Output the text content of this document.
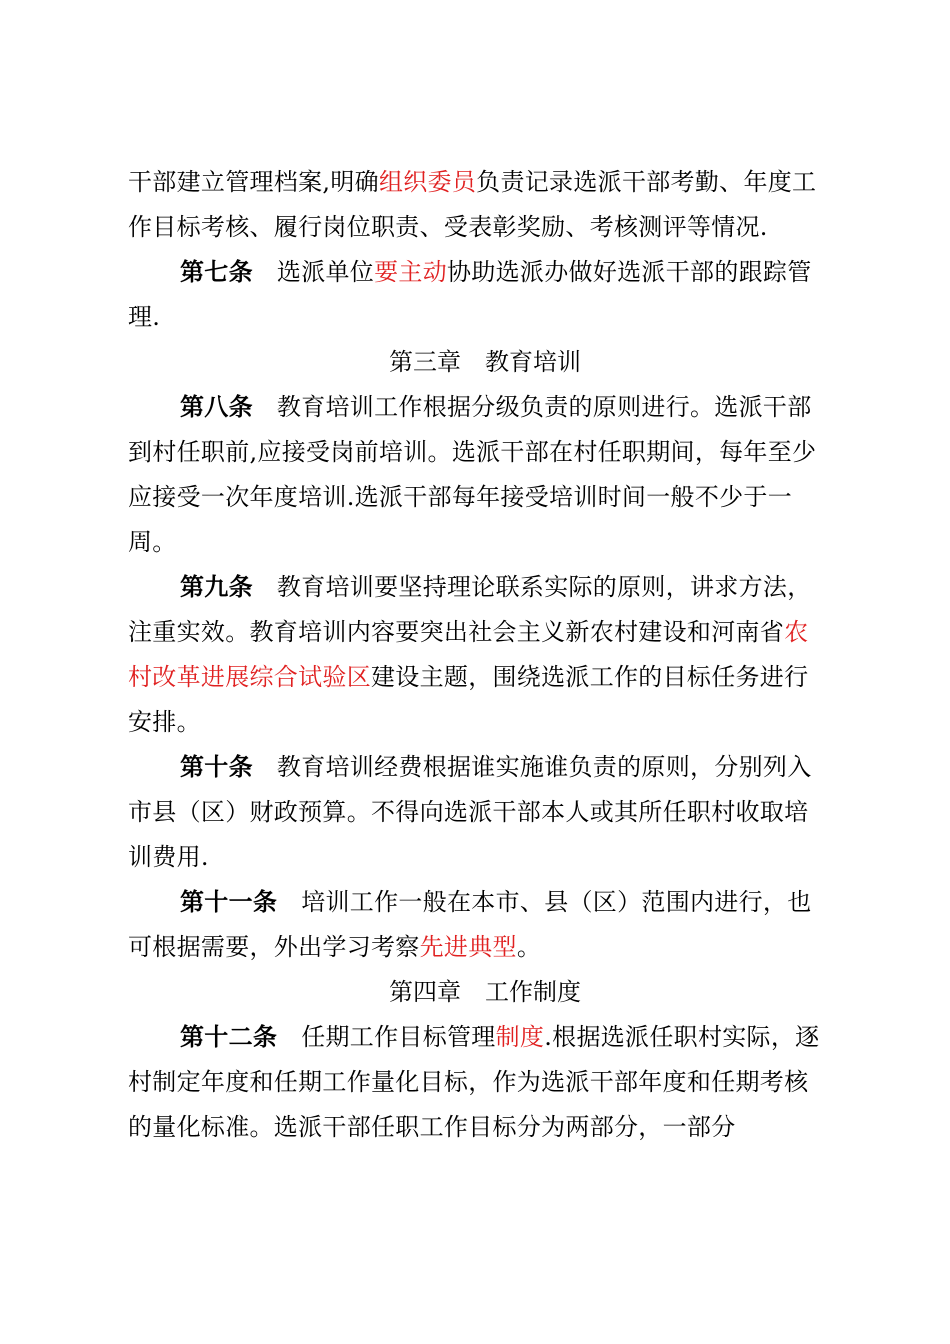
干部建立管理档案,明确组织委员负责记录选派干部考勤、年度工作目标考核、履行岗位职责、受表彰奖励、考核测评等情况.

第七条 选派单位要主动协助选派办做好选派干部的跟踪管理.

第三章 教育培训

第八条 教育培训工作根据分级负责的原则进行。选派干部到村任职前,应接受岗前培训。选派干部在村任职期间，每年至少应接受一次年度培训.选派干部每年接受培训时间一般不少于一周。

第九条 教育培训要坚持理论联系实际的原则，讲求方法，注重实效。教育培训内容要突出社会主义新农村建设和河南省农村改革进展综合试验区建设主题，围绕选派工作的目标任务进行安排。

第十条 教育培训经费根据谁实施谁负责的原则，分别列入市县（区）财政预算。不得向选派干部本人或其所任职村收取培训费用.

第十一条 培训工作一般在本市、县（区）范围内进行，也可根据需要，外出学习考察先进典型。

第四章 工作制度

第十二条 任期工作目标管理制度.根据选派任职村实际，逐村制定年度和任期工作量化目标，作为选派干部年度和任期考核的量化标准。选派干部任职工作目标分为两部分，一部分
